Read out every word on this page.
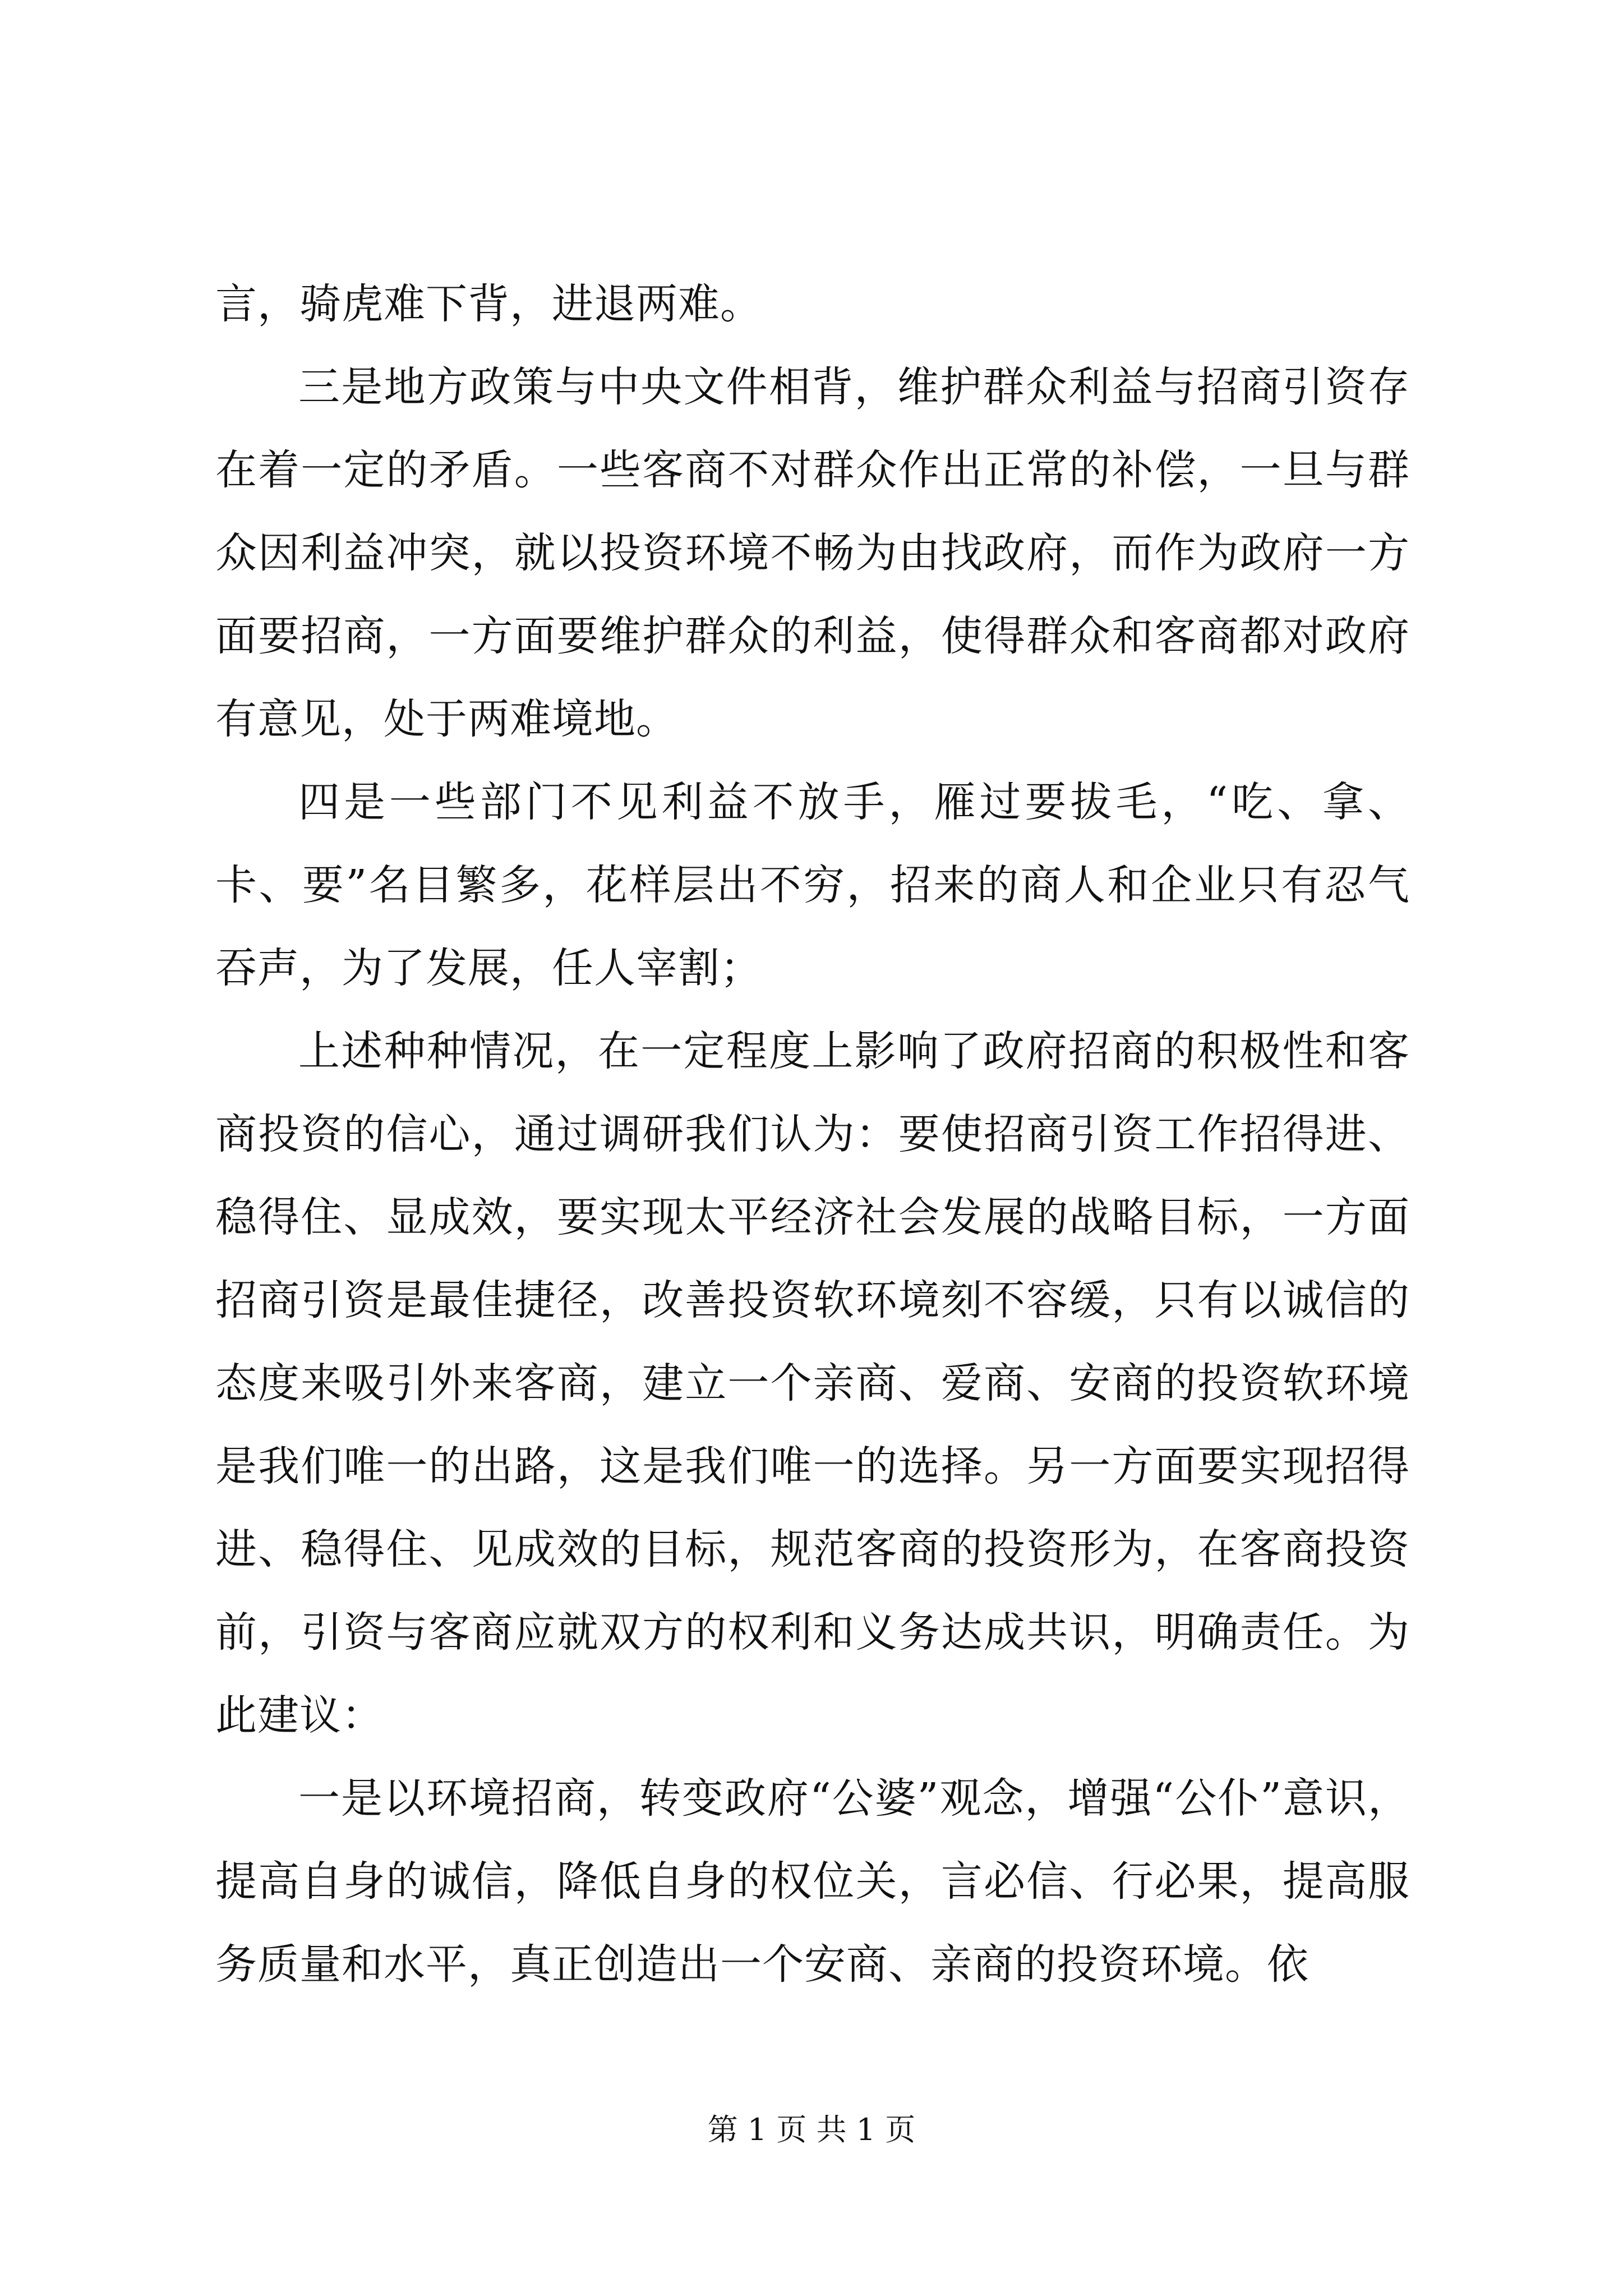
言，骑虎难下背，进退两难。

三是地方政策与中央文件相背，维护群众利益与招商引资存在着一定的矛盾。一些客商不对群众作出正常的补偿，一旦与群众因利益冲突，就以投资环境不畅为由找政府，而作为政府一方面要招商，一方面要维护群众的利益，使得群众和客商都对政府有意见，处于两难境地。

四是一些部门不见利益不放手，雁过要拔毛，“吃、拿、卡、要”名目繁多，花样层出不穷，招来的商人和企业只有忍气吞声，为了发展，任人宰割；

上述种种情况，在一定程度上影响了政府招商的积极性和客商投资的信心，通过调研我们认为：要使招商引资工作招得进、稳得住、显成效，要实现太平经济社会发展的战略目标，一方面招商引资是最佳捷径，改善投资软环境刻不容缓，只有以诚信的态度来吸引外来客商，建立一个亲商、爱商、安商的投资软环境是我们唯一的出路，这是我们唯一的选择。另一方面要实现招得进、稳得住、见成效的目标，规范客商的投资形为，在客商投资前，引资与客商应就双方的权利和义务达成共识，明确责任。为此建议：

一是以环境招商，转变政府“公婆”观念，增强“公仆”意识，提高自身的诚信，降低自身的权位关，言必信、行必果，提高服务质量和水平，真正创造出一个安商、亲商的投资环境。依

第 1 页 共 1 页
